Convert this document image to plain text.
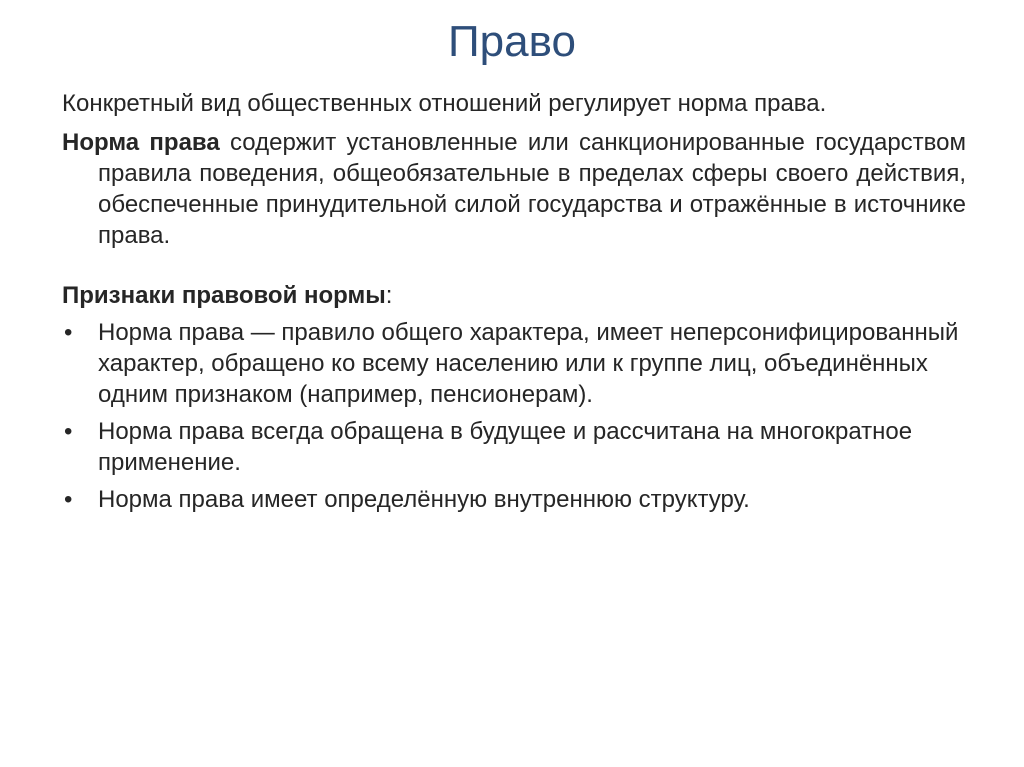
Право

Конкретный вид общественных отношений регулирует норма права.

Норма права содержит установленные или санкционированные государством правила поведения, общеобязательные в пределах сферы своего действия, обеспеченные принудительной силой государства и отражённые в источнике права.

Признаки правовой нормы:

•	Норма права — правило общего характера, имеет неперсонифицированный характер, обращено ко всему населению или к группе лиц, объединённых одним признаком (например, пенсионерам).
•	Норма права всегда обращена в будущее и рассчитана на многократное применение.
•	Норма права имеет определённую внутреннюю структуру.
